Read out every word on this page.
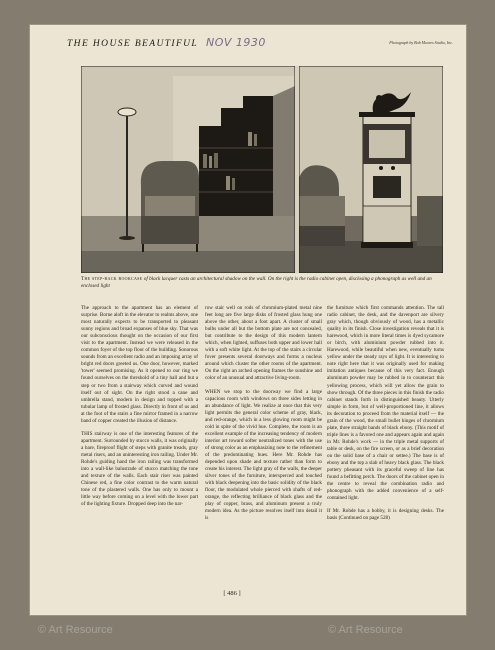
THE HOUSE BEAUTIFUL NOV 1930	Photograph by Bob Moores Studio, Inc.
The step-back bookcase of black lacquer casts an architectural shadow on the wall. On the right is the radio cabinet open, disclosing a phonograph as well and an enclosed light

The approach to the apartment has an element of surprise. Borne aloft in the elevator to realms above, one most naturally expects to be transported to pleasant sunny regions and broad expanses of blue sky. That was our subconscious thought on the occasion of our first visit to the apartment. Instead we were released in the common foyer of the top floor of the building. Sonorous sounds from an excellent radio and an imposing array of bright red doors greeted us. One door, however, marked 'tower' seemed promising. As it opened to our ring we found ourselves on the threshold of a tiny hall and but a step or two from a stairway which curved and wound itself out of sight. On the right stood a cane and umbrella stand, modern in design and topped with a tubular lamp of frosted glass. Directly in front of us and at the foot of the stairs a fine mirror framed in a narrow band of copper created the illusion of distance.

THIS stairway is one of the interesting features of the apartment. Surrounded by stucco walls, it was originally a bare, fireproof flight of steps with granite treads, gray metal risers, and an uninteresting iron railing. Under Mr. Rohde's guiding hand the iron railing was transformed into a wall-like balustrade of stucco matching the tone and texture of the walls. Each stair riser was painted Chinese red, a fine color contrast to the warm natural tone of the plastered walls. One has only to mount a little way before coming on a level with the lower part of the lighting fixture. Dropped deep into the nar-

row stair well on rods of chromium-plated metal nine feet long are five large disks of frosted glass hung one above the other, about a foot apart. A cluster of small bulbs under all but the bottom plate are not concealed, but contribute to the design of this modern lantern which, when lighted, suffuses both upper and lower hall with a soft white light. At the top of the stairs a circular fover presents several doorways and forms a nucleus around which cluster the other rooms of the apartment. On the right an arched opening frames the sunshine and color of an unusual and attractive living-room.

WHEN we stop to the doorway we find a large capacious room with windows on three sides letting in an abundance of light. We realize at once that this very light permits the general color scheme of gray, black, and red-orange, which in a less glowing room might be cold in spite of the vivid hue. Complete, the room is an excellent example of the increasing tendency of modern interior art toward softer neutralized tones with the use of strong color as an emphasizing note to the refinement of the predominating hues. Here Mr. Rohde has depended upon shade and texture rather than form to create his interest. The light gray of the walls, the deeper silver tones of the furniture, intersperced and touched with black deepening into the basic solidity of the black floor, the modulated whole pierced with shafts of red-orange, the reflecting brilliance of black glass and the play of copper, brass, and aluminum present a truly modern idea. As the picture resolves itself into detail it is

the furniture which first commands attention. The tall radio cabinet, the desk, and the davenport are silvery gray which, though obviously of wood, has a metallic quality in its finish. Close investigation reveals that it is harewood, which in more literal times is dyed sycamore or birch, with aluminium powder rubbed into it. Harewood, while beautiful when new, eventually turns yellow under the steady rays of light. It is interesting to note right here that it was originally used for making imitation antiques because of this very fact. Enough aluminum powder may be rubbed in to counteract this yellowing process, which will yet allow the grain to show through. Of the three pieces in this finish the radio cabinet stands forth in distinguished beauty. Utterly simple in form, but of well-proportioned line, it allows its decoration to proceed from the material itself — the grain of the wood, the small bullet hinges of chromium plate, three straight bands of black ebony. (This motif of triple lines is a favored one and appears again and again in Mr. Rohde's work — in the triple metal supports of table or desk, on the fire screen, or as a brief decoration on the solid base of a chair or settee.) The base is of ebony and the top a slab of heavy black glass. The black pottery pheasant with its graceful sweep of line has found a befitting perch. The doors of the cabinet open in the centre to reveal the combination radio and phonograph with the added convenience of a self-contained light.

If Mr. Rohde has a hobby, it is designing desks. The basis (Continued on page 528)

[ 486 ]
© Art Resource	© Art Resource
